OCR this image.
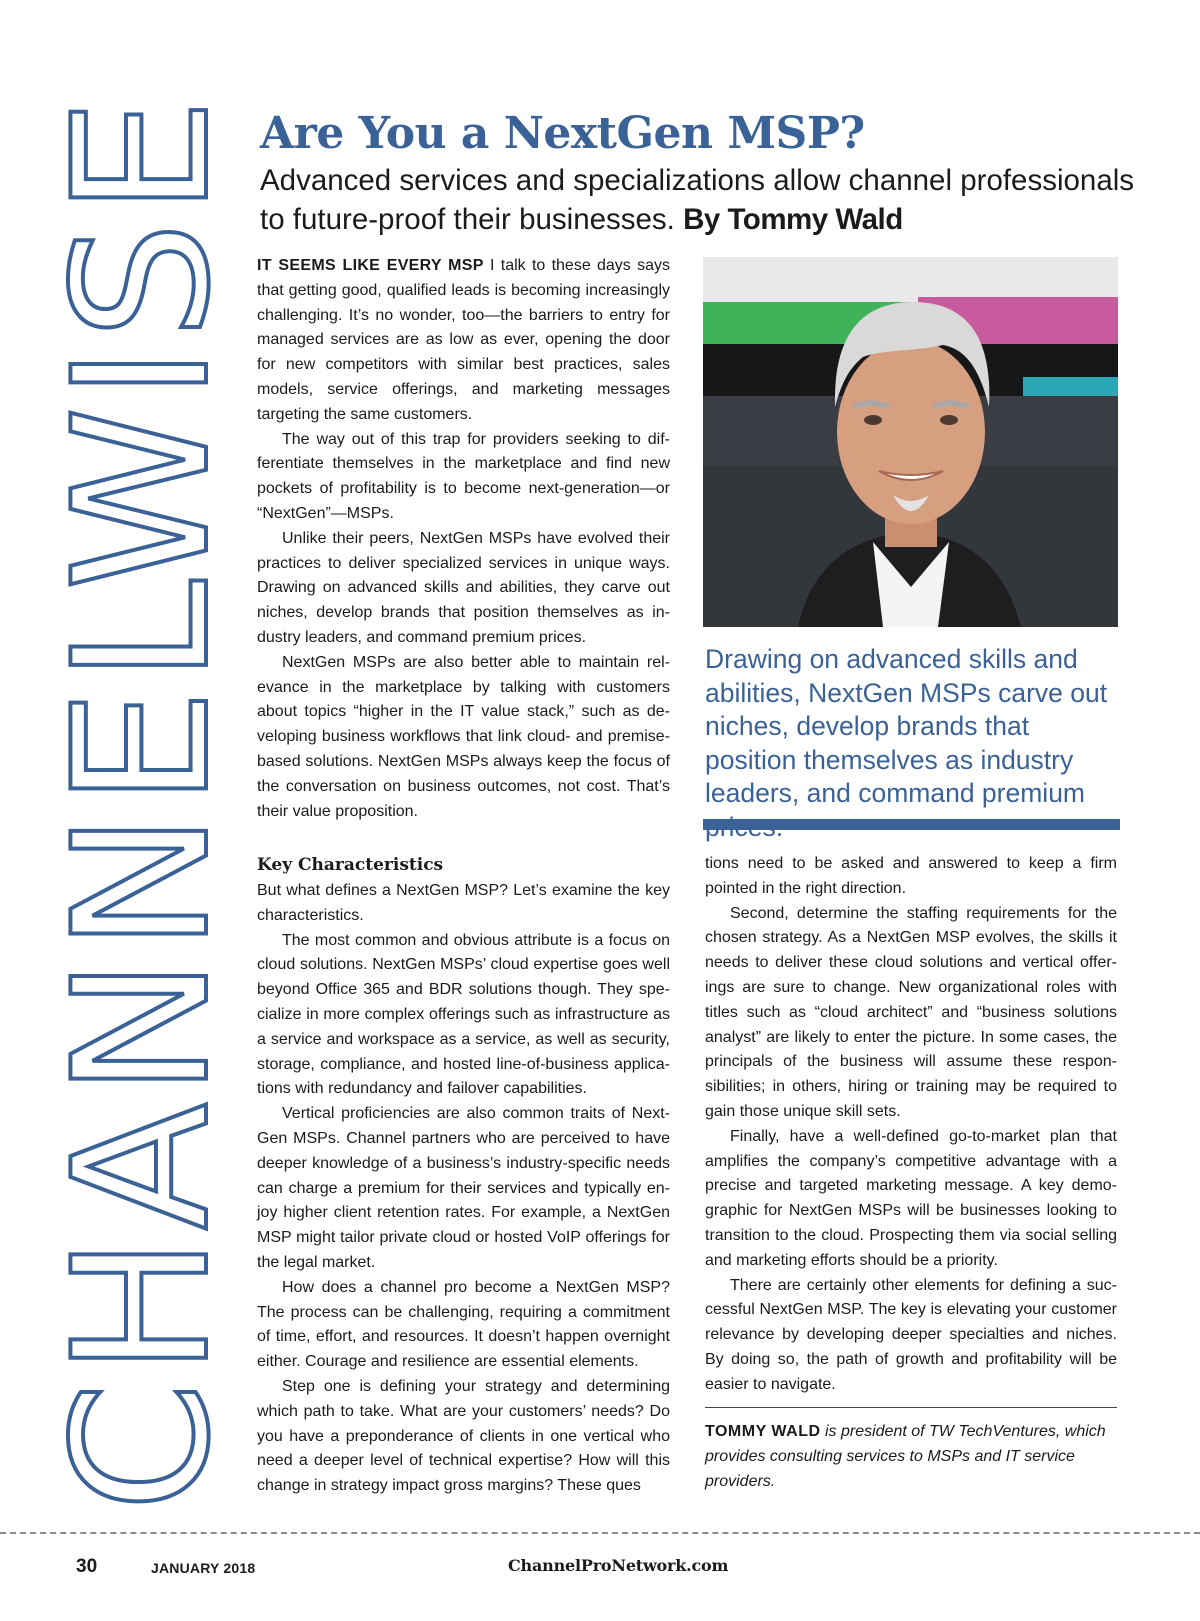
CHANNELWISE Are You a NextGen MSP?
Advanced services and specializations allow channel professionals to future-proof their businesses. By Tommy Wald

IT SEEMS LIKE EVERY MSP I talk to these days says that getting good, qualified leads is becoming increasingly challenging. It’s no wonder, too—the barriers to entry for managed services are as low as ever, opening the door for new competitors with similar best practices, sales models, service offerings, and marketing messages targeting the same customers.

The way out of this trap for providers seeking to differentiate themselves in the marketplace and find new pockets of profitability is to become next-generation—or “NextGen”—MSPs.

Unlike their peers, NextGen MSPs have evolved their practices to deliver specialized services in unique ways. Drawing on advanced skills and abilities, they carve out niches, develop brands that position themselves as industry leaders, and command premium prices.

NextGen MSPs are also better able to maintain relevance in the marketplace by talking with customers about topics “higher in the IT value stack,” such as developing business workflows that link cloud- and premise-based solutions. NextGen MSPs always keep the focus of the conversation on business outcomes, not cost. That’s their value proposition.

Drawing on advanced skills and abilities, NextGen MSPs carve out niches, develop brands that position themselves as industry leaders, and command premium

Key Characteristics

But what defines a NextGen MSP? Let’s examine the key characteristics.

The most common and obvious attribute is a focus on cloud solutions. NextGen MSPs’ cloud expertise goes well beyond Office 365 and BDR solutions though. They specialize in more complex offerings such as infrastructure as a service and workspace as a service, as well as security, storage, compliance, and hosted line-of-business applications with redundancy and failover capabilities.

Vertical proficiencies are also common traits of NextGen MSPs. Channel partners who are perceived to have deeper knowledge of a business’s industry-specific needs can charge a premium for their services and typically enjoy higher client retention rates. For example, a NextGen MSP might tailor private cloud or hosted VoIP offerings for the legal market.

How does a channel pro become a NextGen MSP? The process can be challenging, requiring a commitment of time, effort, and resources. It doesn’t happen overnight either. Courage and resilience are essential elements.

Step one is defining your strategy and determining which path to take. What are your customers’ needs? Do you have a preponderance of clients in one vertical who need a deeper level of technical expertise? How will this change in strategy impact gross margins? These ques

tions need to be asked and answered to keep a firm pointed in the right direction.

Second, determine the staffing requirements for the chosen strategy. As a NextGen MSP evolves, the skills it needs to deliver these cloud solutions and vertical offerings are sure to change. New organizational roles with titles such as “cloud architect” and “business solutions analyst” are likely to enter the picture. In some cases, the principals of the business will assume these responsibilities; in others, hiring or training may be required to gain those unique skill sets.

Finally, have a well-defined go-to-market plan that amplifies the company’s competitive advantage with a precise and targeted marketing message. A key demographic for NextGen MSPs will be businesses looking to transition to the cloud. Prospecting them via social selling and marketing efforts should be a priority.

There are certainly other elements for defining a successful NextGen MSP. The key is elevating your customer relevance by developing deeper specialties and niches. By doing so, the path of growth and profitability will be easier to navigate.

TOMMY WALD is president of TW TechVentures, which provides consulting services to MSPs and IT service providers.
30	JANUARY 2018	ChannelProNetwork.com
